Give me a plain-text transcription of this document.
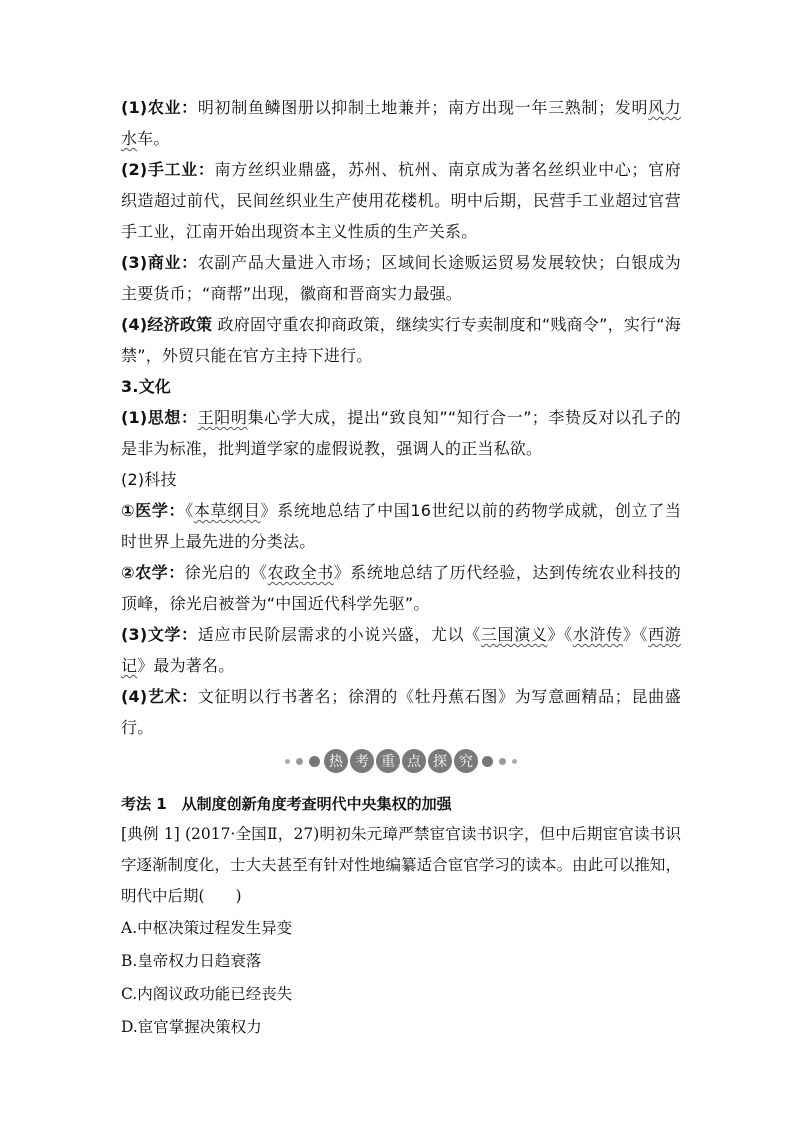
(1)农业：明初制鱼鳞图册以抑制土地兼并；南方出现一年三熟制；发明风力水车。

(2)手工业：南方丝织业鼎盛，苏州、杭州、南京成为著名丝织业中心；官府织造超过前代，民间丝织业生产使用花楼机。明中后期，民营手工业超过官营手工业，江南开始出现资本主义性质的生产关系。

(3)商业：农副产品大量进入市场；区域间长途贩运贸易发展较快；白银成为主要货币；“商帮”出现，徽商和晋商实力最强。

(4)经济政策 政府固守重农抑商政策，继续实行专卖制度和“贱商令”，实行“海禁”，外贸只能在官方主持下进行。

3.文化

(1)思想：王阳明集心学大成，提出“致良知”“知行合一”；李贽反对以孔子的是非为标准，批判道学家的虚假说教，强调人的正当私欲。

(2)科技

①医学：《本草纲目》系统地总结了中国16世纪以前的药物学成就，创立了当时世界上最先进的分类法。

②农学：徐光启的《农政全书》系统地总结了历代经验，达到传统农业科技的顶峰，徐光启被誉为“中国近代科学先驱”。

(3)文学：适应市民阶层需求的小说兴盛，尤以《三国演义》《水浒传》《西游记》最为著名。

(4)艺术：文征明以行书著名；徐渭的《牡丹蕉石图》为写意画精品；昆曲盛行。

热 考 重 点 探 究

考法 1　从制度创新角度考查明代中央集权的加强

[典例 1] (2017·全国Ⅱ，27)明初朱元璋严禁宦官读书识字，但中后期宦官读书识字逐渐制度化，士大夫甚至有针对性地编纂适合宦官学习的读本。由此可以推知，明代中后期(　　)

A.中枢决策过程发生异变

B.皇帝权力日趋衰落

C.内阁议政功能已经丧失

D.宦官掌握决策权力
